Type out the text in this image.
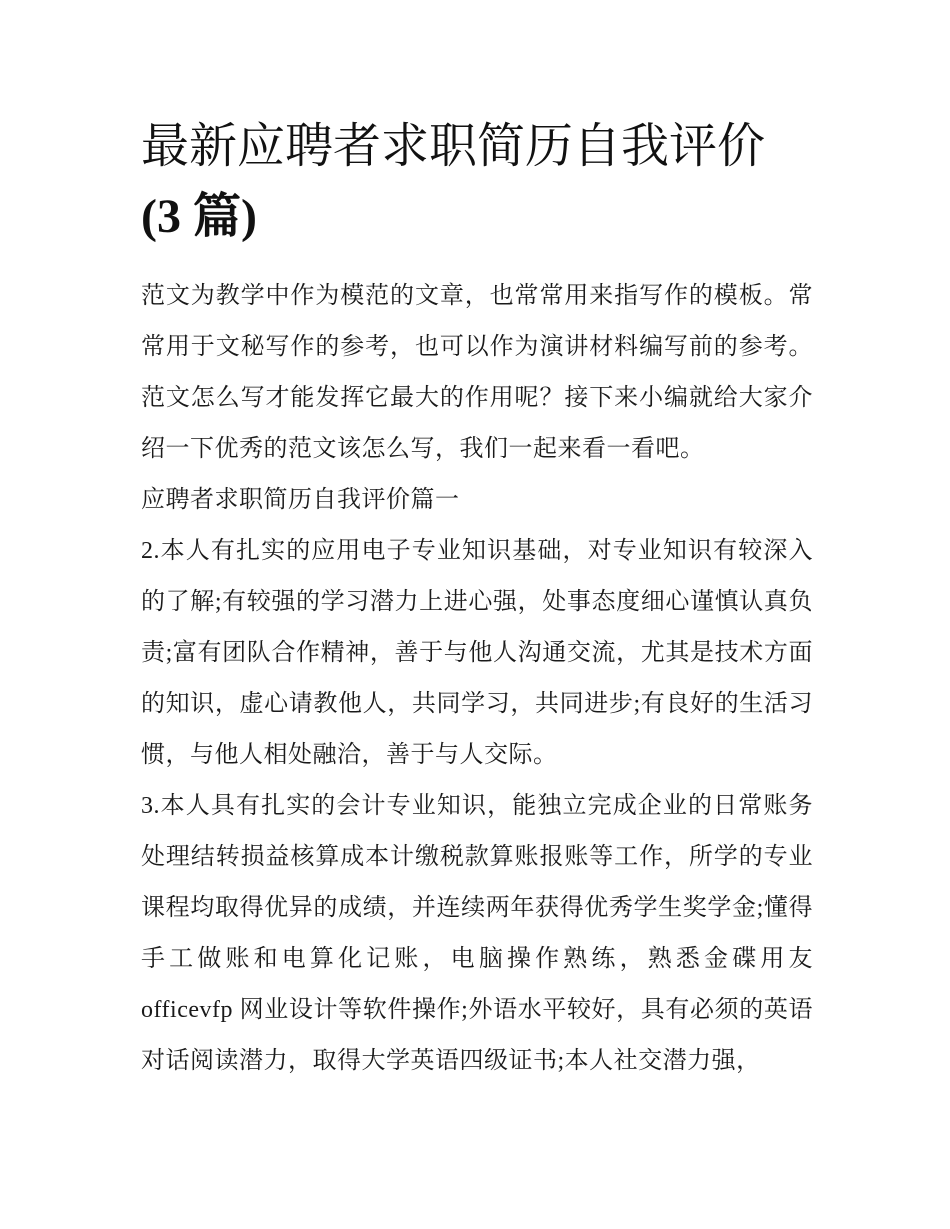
最新应聘者求职简历自我评价
(3 篇)

范文为教学中作为模范的文章，也常常用来指写作的模板。常常用于文秘写作的参考，也可以作为演讲材料编写前的参考。范文怎么写才能发挥它最大的作用呢？接下来小编就给大家介绍一下优秀的范文该怎么写，我们一起来看一看吧。

应聘者求职简历自我评价篇一

2.本人有扎实的应用电子专业知识基础，对专业知识有较深入的了解;有较强的学习潜力上进心强，处事态度细心谨慎认真负责;富有团队合作精神，善于与他人沟通交流，尤其是技术方面的知识，虚心请教他人，共同学习，共同进步;有良好的生活习惯，与他人相处融洽，善于与人交际。

3.本人具有扎实的会计专业知识，能独立完成企业的日常账务处理结转损益核算成本计缴税款算账报账等工作，所学的专业课程均取得优异的成绩，并连续两年获得优秀学生奖学金;懂得手工做账和电算化记账，电脑操作熟练，熟悉金碟用友officevfp 网业设计等软件操作;外语水平较好，具有必须的英语对话阅读潜力，取得大学英语四级证书;本人社交潜力强，
